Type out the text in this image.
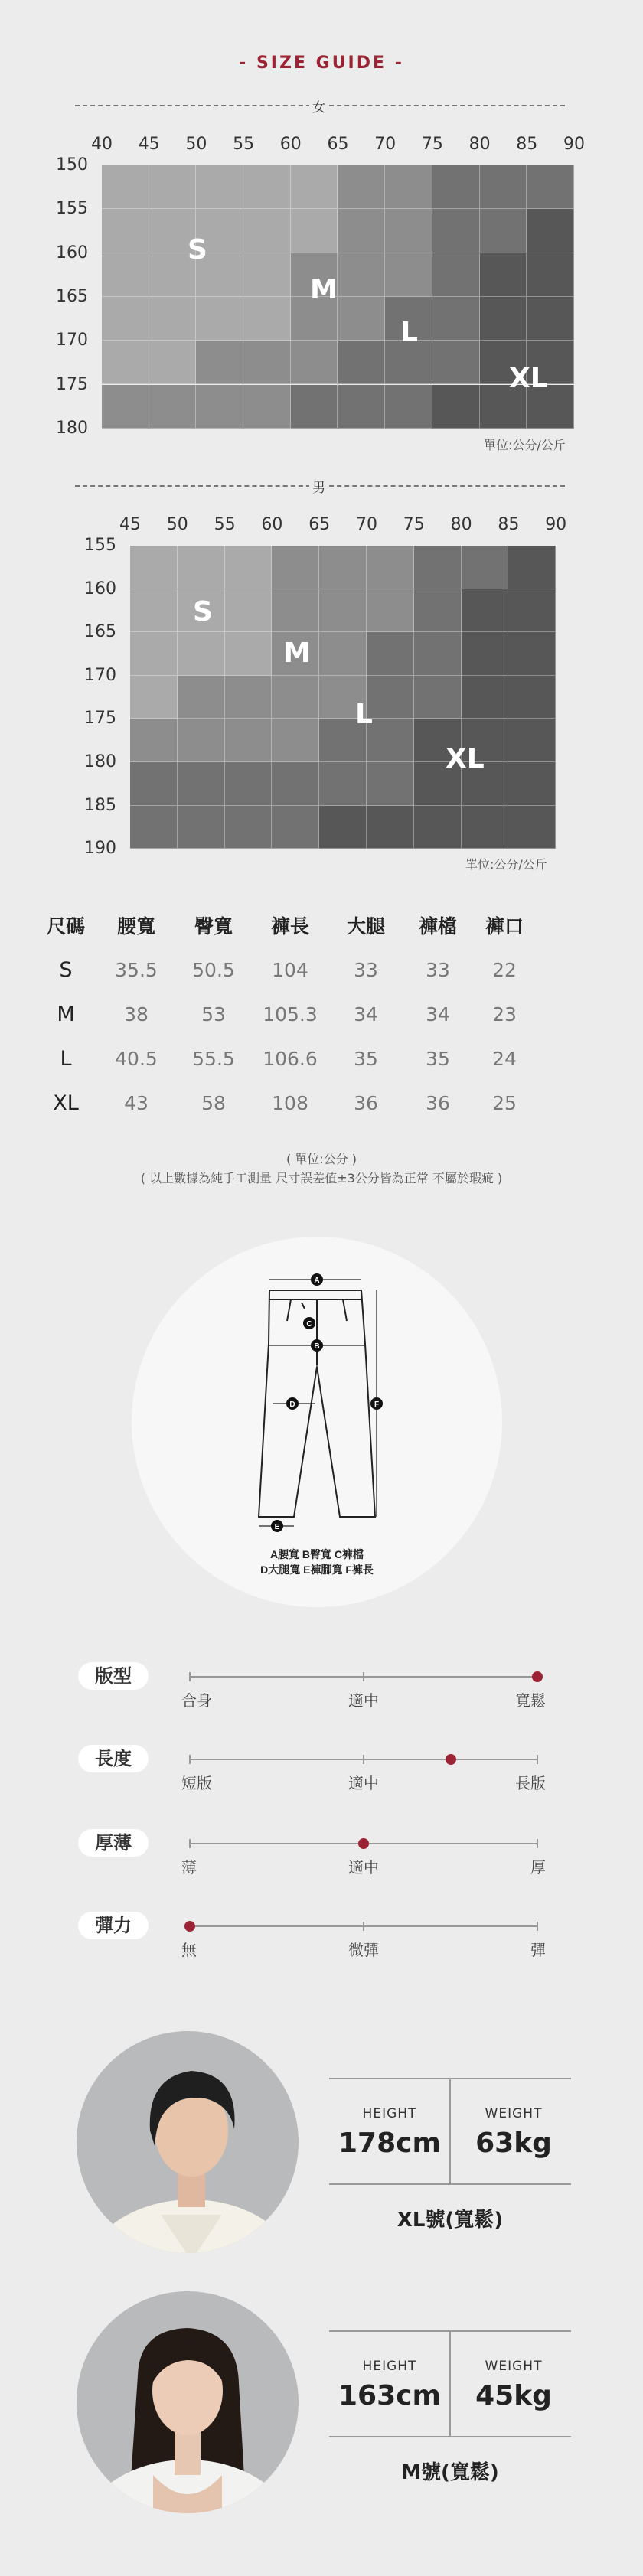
- SIZE GUIDE -
女
40 45 50 55 60 65 70 75 80 85 90
150
155
160
165
170
175
180
S
M
L
XL
單位:公分/公斤
男
45 50 55 60 65 70 75 80 85 90
155
160
165
170
175
180
185
190
S
M
L
XL
單位:公分/公斤
尺碼	腰寬	臀寬	褲長	大腿	褲檔	褲口
S	35.5	50.5	104	33	33	22
M	38	53	105.3	34	34	23
L	40.5	55.5	106.6	35	35	24
XL	43	58	108	36	36	25
( 單位:公分 )
( 以上數據為純手工測量 尺寸誤差值±3公分皆為正常 不屬於瑕疵 )
A
B
C
D
E
F
A腰寬 B臀寬 C褲檔
D大腿寬 E褲腳寬 F褲長
版型
合身	適中	寬鬆
長度
短版	適中	長版
厚薄
薄	適中	厚
彈力
無	微彈	彈
HEIGHT
178cm
WEIGHT
63kg
XL號(寬鬆)
HEIGHT
163cm
WEIGHT
45kg
M號(寬鬆)
